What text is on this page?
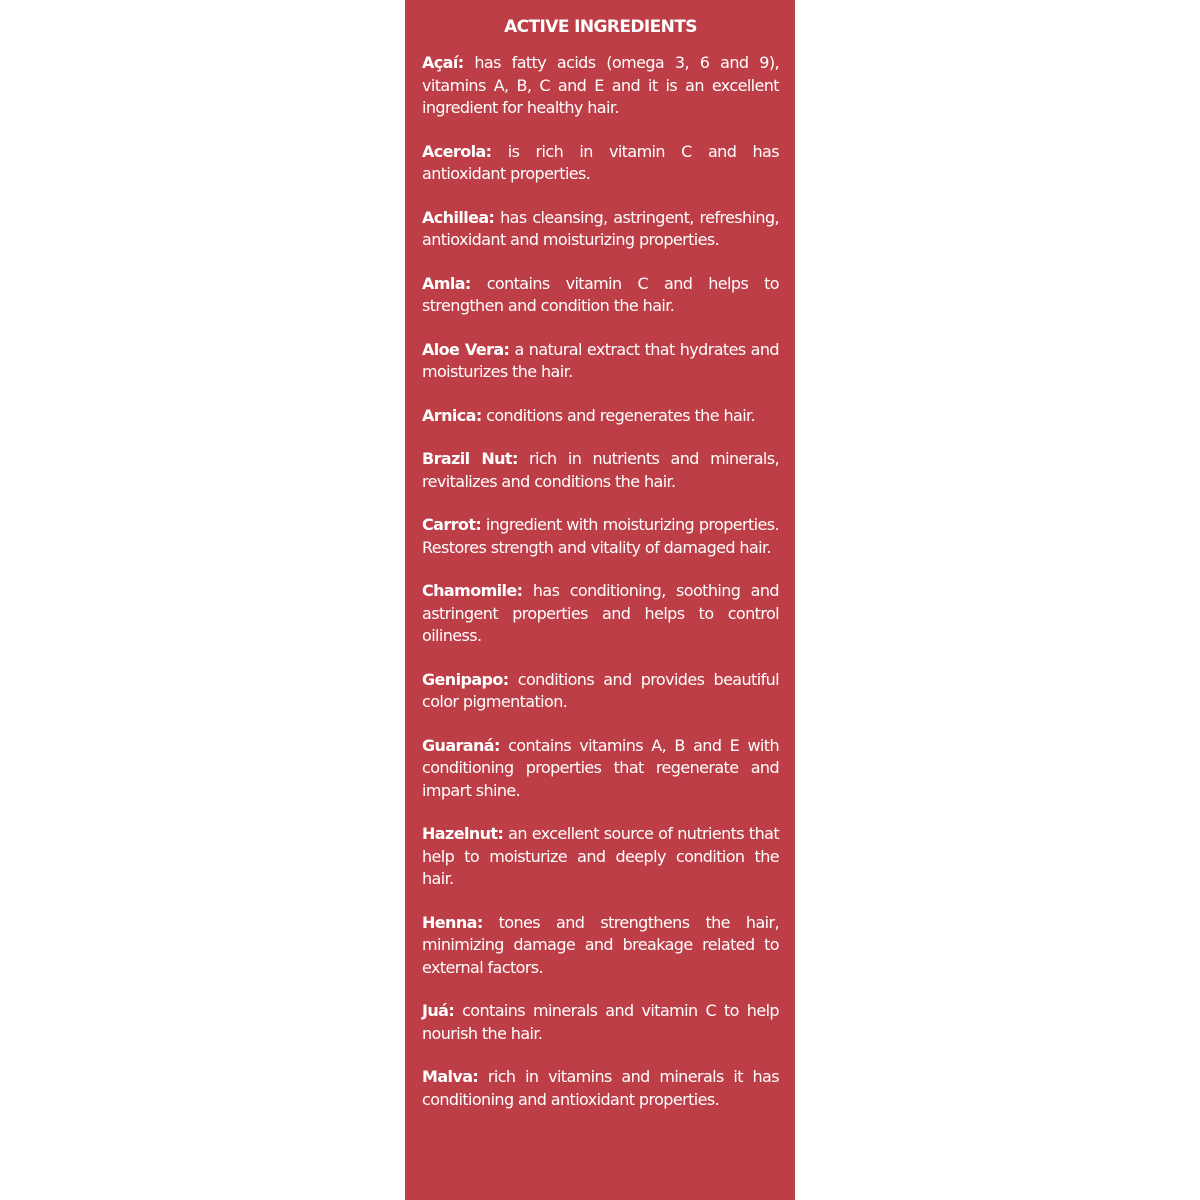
ACTIVE INGREDIENTS
Açaí: has fatty acids (omega 3, 6 and 9), vitamins A, B, C and E and it is an excellent ingredient for healthy hair.
Acerola: is rich in vitamin C and has antioxidant properties.
Achillea: has cleansing, astringent, refreshing, antioxidant and moisturizing properties.
Amla: contains vitamin C and helps to strengthen and condition the hair.
Aloe Vera: a natural extract that hydrates and moisturizes the hair.
Arnica: conditions and regenerates the hair.
Brazil Nut: rich in nutrients and minerals, revitalizes and conditions the hair.
Carrot: ingredient with moisturizing properties. Restores strength and vitality of damaged hair.
Chamomile: has conditioning, soothing and astringent properties and helps to control oiliness.
Genipapo: conditions and provides beautiful color pigmentation.
Guaraná: contains vitamins A, B and E with conditioning properties that regenerate and impart shine.
Hazelnut: an excellent source of nutrients that help to moisturize and deeply condition the hair.
Henna: tones and strengthens the hair, minimizing damage and breakage related to external factors.
Juá: contains minerals and vitamin C to help nourish the hair.
Malva: rich in vitamins and minerals it has conditioning and antioxidant properties.
